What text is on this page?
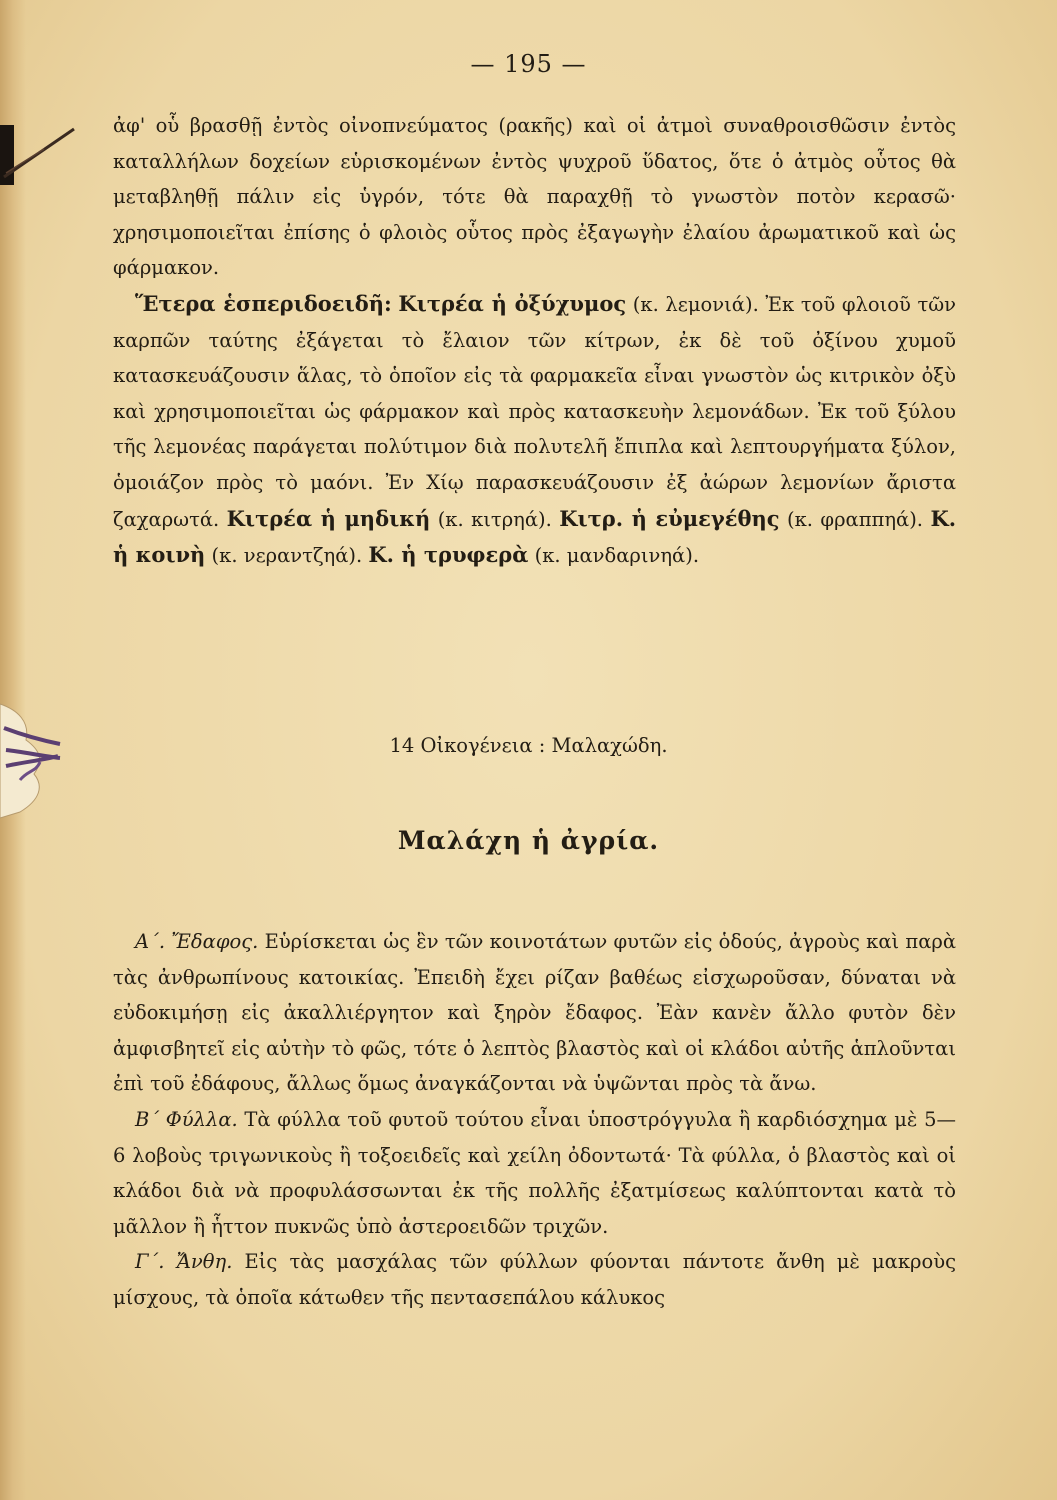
— 195 —

ἀφ' οὗ βρασθῇ ἐντὸς οἰνοπνεύματος (ρακῆς) καὶ οἱ ἀτμοὶ συναθροισθῶσιν ἐντὸς καταλλήλων δοχείων εὑρισκομένων ἐντὸς ψυχροῦ ὕδατος, ὅτε ὁ ἀτμὸς οὗτος θὰ μεταβληθῇ πάλιν εἰς ὑγρόν, τότε θὰ παραχθῇ τὸ γνωστὸν ποτὸν κερασῶ· χρησιμοποιεῖται ἐπίσης ὁ φλοιὸς οὗτος πρὸς ἐξαγωγὴν ἐλαίου ἀρωματικοῦ καὶ ὡς φάρμακον.

Ἕτερα ἑσπεριδοειδῆ: Κιτρέα ἡ ὀξύχυμος (κ. λεμονιά). Ἐκ τοῦ φλοιοῦ τῶν καρπῶν ταύτης ἐξάγεται τὸ ἔλαιον τῶν κίτρων, ἐκ δὲ τοῦ ὀξίνου χυμοῦ κατασκευάζουσιν ἅλας, τὸ ὁποῖον εἰς τὰ φαρμακεῖα εἶναι γνωστὸν ὡς κιτρικὸν ὀξὺ καὶ χρησιμοποιεῖται ὡς φάρμακον καὶ πρὸς κατασκευὴν λεμονάδων. Ἐκ τοῦ ξύλου τῆς λεμονέας παράγεται πολύτιμον διὰ πολυτελῆ ἔπιπλα καὶ λεπτουργήματα ξύλον, ὁμοιάζον πρὸς τὸ μαόνι. Ἐν Χίῳ παρασκευάζουσιν ἐξ ἀώρων λεμονίων ἄριστα ζαχαρωτά. Κιτρέα ἡ μηδική (κ. κιτρηά). Κιτρ. ἡ εὐμεγέθης (κ. φραππηά). Κ. ἡ κοινὴ (κ. νεραντζηά). Κ. ἡ τρυφερὰ (κ. μανδαρινηά).

14 Οἰκογένεια : Μαλαχώδη.
Μαλάχη ἡ ἀγρία.

Α΄. Ἔδαφος. Εὑρίσκεται ὡς ἓν τῶν κοινοτάτων φυτῶν εἰς ὁδούς, ἀγροὺς καὶ παρὰ τὰς ἀνθρωπίνους κατοικίας. Ἐπειδὴ ἔχει ρίζαν βαθέως εἰσχωροῦσαν, δύναται νὰ εὐδοκιμήσῃ εἰς ἀκαλλιέργητον καὶ ξηρὸν ἔδαφος. Ἐὰν κανὲν ἄλλο φυτὸν δὲν ἀμφισβητεῖ εἰς αὐτὴν τὸ φῶς, τότε ὁ λεπτὸς βλαστὸς καὶ οἱ κλάδοι αὐτῆς ἁπλοῦνται ἐπὶ τοῦ ἐδάφους, ἄλλως ὅμως ἀναγκάζονται νὰ ὑψῶνται πρὸς τὰ ἄνω.

Β΄ Φύλλα. Τὰ φύλλα τοῦ φυτοῦ τούτου εἶναι ὑποστρόγγυλα ἢ καρδιόσχημα μὲ 5—6 λοβοὺς τριγωνικοὺς ἢ τοξοειδεῖς καὶ χείλη ὀδοντωτά· Τὰ φύλλα, ὁ βλαστὸς καὶ οἱ κλάδοι διὰ νὰ προφυλάσσωνται ἐκ τῆς πολλῆς ἐξατμίσεως καλύπτονται κατὰ τὸ μᾶλλον ἢ ἧττον πυκνῶς ὑπὸ ἀστεροειδῶν τριχῶν.

Γ΄. Ἄνθη. Εἰς τὰς μασχάλας τῶν φύλλων φύονται πάντοτε ἄνθη μὲ μακροὺς μίσχους, τὰ ὁποῖα κάτωθεν τῆς πεντασεπάλου κάλυκος
